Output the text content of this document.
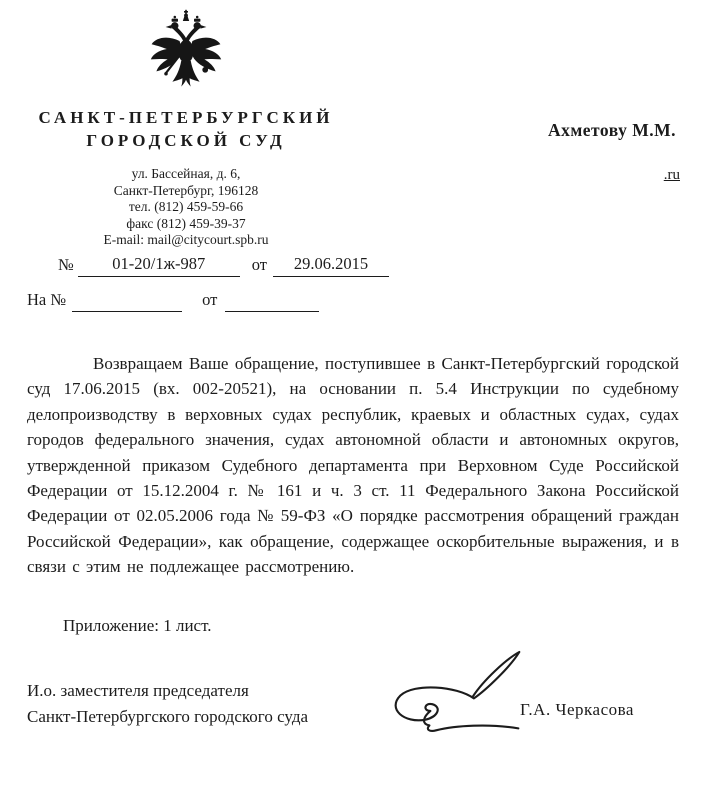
САНКТ-ПЕТЕРБУРГСКИЙ
ГОРОДСКОЙ СУД
ул. Бассейная, д. 6,
Санкт-Петербург, 196128
тел. (812) 459-59-66
факс (812) 459-39-37
E-mail: mail@citycourt.spb.ru
Ахметову М.М.
.ru
№	01-20/1ж-987	от	29.06.2015
На №	от

Возвращаем Ваше обращение, поступившее в Санкт-Петербургский городской суд 17.06.2015 (вх. 002-20521), на основании п. 5.4 Инструкции по судебному делопроизводству в верховных судах республик, краевых и областных судах, судах городов федерального значения, судах автономной области и автономных округов, утвержденной приказом Судебного департамента при Верховном Суде Российской Федерации от 15.12.2004 г. № 161 и ч. 3 ст. 11 Федерального Закона Российской Федерации от 02.05.2006 года № 59-ФЗ «О порядке рассмотрения обращений граждан Российской Федерации», как обращение, содержащее оскорбительные выражения, и в связи с этим не подлежащее рассмотрению.

Приложение: 1 лист.
И.о. заместителя председателя
Санкт-Петербургского городского суда	Г.А. Черкасова
